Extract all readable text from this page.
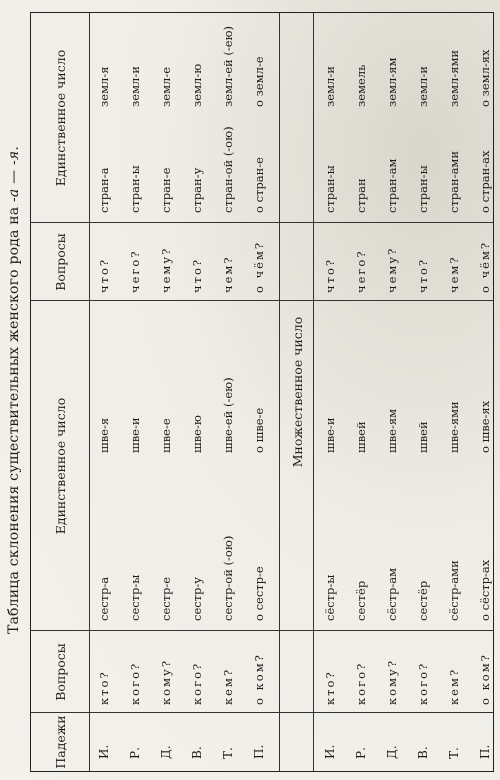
Таблица склонения существительных женского рода на -а — -я.
Падежи
Вопросы
Единственное число
Вопросы
Единственное число
И.
кто?
сестр-а
шве-я
что?
стран-а
земл-я
Р.
кого?
сестр-ы
шве-и
чего?
стран-ы
земл-и
Д.
кому?
сестр-е
шве-е
чему?
стран-е
земл-е
В.
кого?
сестр-у
шве-ю
что?
стран-у
земл-ю
Т.
кем?
сестр-ой (-ою)
шве-ей (-ею)
чем?
стран-ой (-ою)
земл-ей (-ею)
П.
о ком?
о сестр-е
о шве-е
о чём?
о стран-е
о земл-е
Множественное число
И.
кто?
сёстр-ы
шве-и
что?
стран-ы
земл-и
Р.
кого?
сестёр
швей
чего?
стран
земель
Д.
кому?
сёстр-ам
шве-ям
чему?
стран-ам
земл-ям
В.
кого?
сестёр
швей
что?
стран-ы
земл-и
Т.
кем?
сёстр-ами
шве-ями
чем?
стран-ами
земл-ями
П.
о ком?
о сёстр-ах
о шве-ях
о чём?
о стран-ах
о земл-ях
